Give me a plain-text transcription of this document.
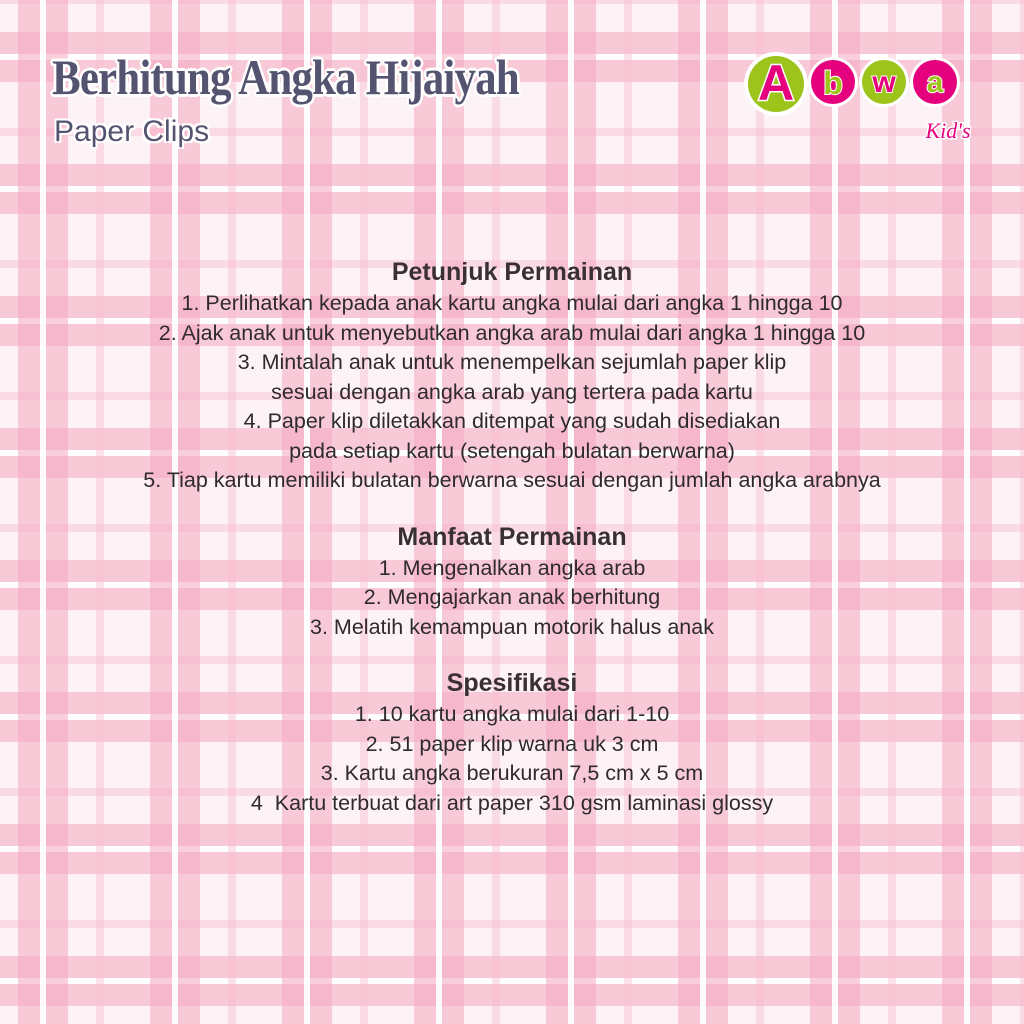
Berhitung Angka Hijaiyah

Paper Clips

A b w a
Kid's
Petunjuk Permainan

1. Perlihatkan kepada anak kartu angka mulai dari angka 1 hingga 10

2. Ajak anak untuk menyebutkan angka arab mulai dari angka 1 hingga 10

3. Mintalah anak untuk menempelkan sejumlah paper klip

sesuai dengan angka arab yang tertera pada kartu

4. Paper klip diletakkan ditempat yang sudah disediakan

pada setiap kartu (setengah bulatan berwarna)

5. Tiap kartu memiliki bulatan berwarna sesuai dengan jumlah angka arabnya

Manfaat Permainan

1. Mengenalkan angka arab

2. Mengajarkan anak berhitung

3. Melatih kemampuan motorik halus anak

Spesifikasi

1. 10 kartu angka mulai dari 1-10

2. 51 paper klip warna uk 3 cm

3. Kartu angka berukuran 7,5 cm x 5 cm

4  Kartu terbuat dari art paper 310 gsm laminasi glossy
